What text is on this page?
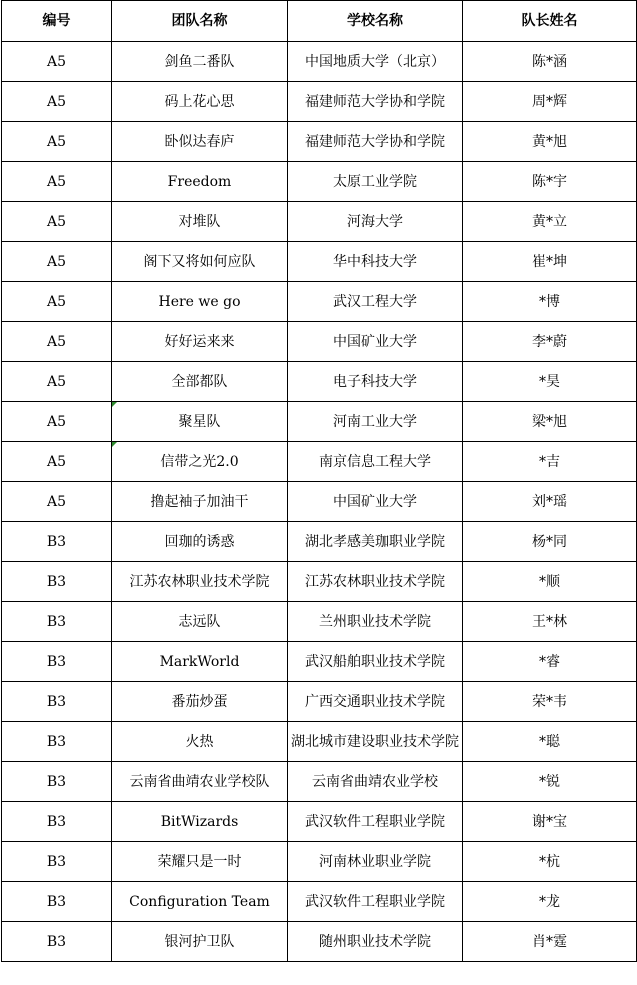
编号	团队名称	学校名称	队长姓名
A5	剑鱼二番队	中国地质大学（北京）	陈*涵
A5	码上花心思	福建师范大学协和学院	周*辉
A5	卧似达春庐	福建师范大学协和学院	黄*旭
A5	Freedom	太原工业学院	陈*宇
A5	对堆队	河海大学	黄*立
A5	阁下又将如何应队	华中科技大学	崔*坤
A5	Here we go	武汉工程大学	*博
A5	好好运来来	中国矿业大学	李*蔚
A5	全部都队	电子科技大学	*昊
A5	聚星队	河南工业大学	梁*旭
A5	信带之光2.0	南京信息工程大学	*吉
A5	撸起袖子加油干	中国矿业大学	刘*瑶
B3	回珈的诱惑	湖北孝感美珈职业学院	杨*同
B3	江苏农林职业技术学院	江苏农林职业技术学院	*顺
B3	志远队	兰州职业技术学院	王*林
B3	MarkWorld	武汉船舶职业技术学院	*睿
B3	番茄炒蛋	广西交通职业技术学院	荣*韦
B3	火热	湖北城市建设职业技术学院	*聪
B3	云南省曲靖农业学校队	云南省曲靖农业学校	*锐
B3	BitWizards	武汉软件工程职业学院	谢*宝
B3	荣耀只是一时	河南林业职业学院	*杭
B3	Configuration Team	武汉软件工程职业学院	*龙
B3	银河护卫队	随州职业技术学院	肖*霆
